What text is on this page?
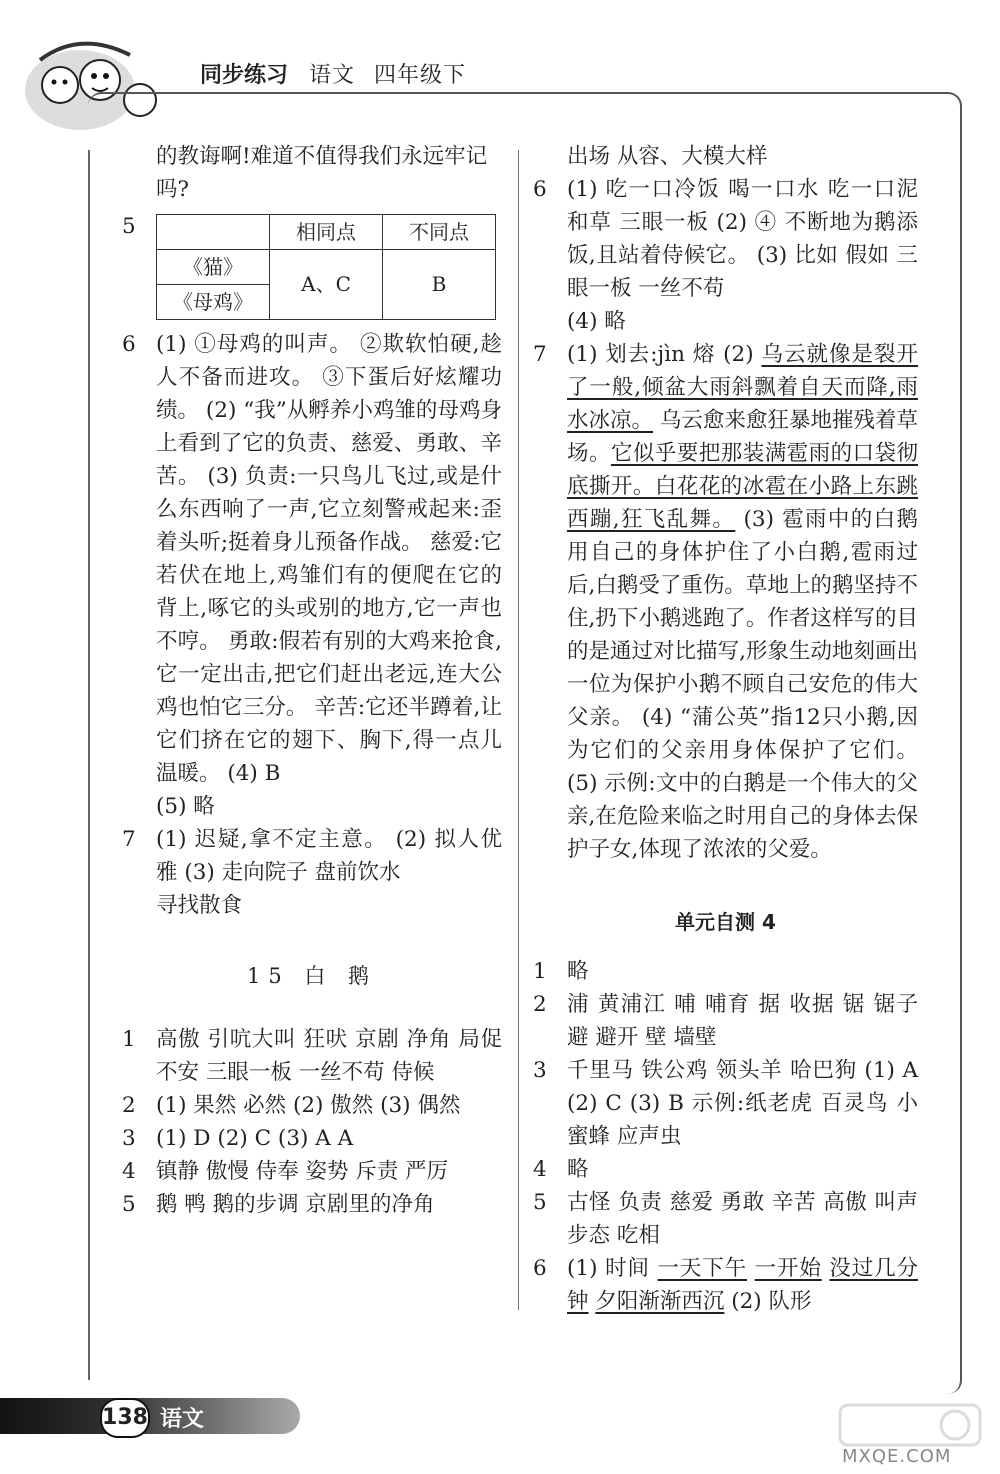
同步练习 语文 四年级下
的教诲啊!难道不值得我们永远牢记
吗?
5
		相同点	不同点
《猫》	A、C	B
《母鸡》		
6 (1) ①母鸡的叫声。 ②欺软怕硬,趁人不备而进攻。 ③下蛋后好炫耀功绩。 (2) “我”从孵养小鸡雏的母鸡身上看到了它的负责、慈爱、勇敢、辛苦。 (3) 负责:一只鸟儿飞过,或是什么东西响了一声,它立刻警戒起来:歪着头听;挺着身儿预备作战。 慈爱:它若伏在地上,鸡雏们有的便爬在它的背上,啄它的头或别的地方,它一声也不哼。 勇敢:假若有别的大鸡来抢食,它一定出击,把它们赶出老远,连大公鸡也怕它三分。 辛苦:它还半蹲着,让它们挤在它的翅下、胸下,得一点儿温暖。 (4) B
(5) 略
7 (1) 迟疑,拿不定主意。 (2) 拟人优雅 (3) 走向院子 盘前饮水
寻找散食
15 白 鹅
1 高傲 引吭大叫 狂吠 京剧 净角 局促不安 三眼一板 一丝不苟 侍候
2 (1) 果然 必然 (2) 傲然 (3) 偶然
3 (1) D (2) C (3) A A
4 镇静 傲慢 侍奉 姿势 斥责 严厉
5 鹅 鸭 鹅的步调 京剧里的净角
出场 从容、大模大样
6 (1) 吃一口冷饭 喝一口水 吃一口泥和草 三眼一板 (2) ④ 不断地为鹅添饭,且站着侍候它。 (3) 比如 假如 三眼一板 一丝不苟
(4) 略
7 (1) 划去:jìn 熔 (2) 乌云就像是裂开了一般,倾盆大雨斜飘着自天而降,雨水冰凉。 乌云愈来愈狂暴地摧残着草场。它似乎要把那装满雹雨的口袋彻底撕开。白花花的冰雹在小路上东跳西蹦,狂飞乱舞。 (3) 雹雨中的白鹅用自己的身体护住了小白鹅,雹雨过后,白鹅受了重伤。草地上的鹅坚持不住,扔下小鹅逃跑了。作者这样写的目的是通过对比描写,形象生动地刻画出一位为保护小鹅不顾自己安危的伟大父亲。 (4) “蒲公英”指12只小鹅,因为它们的父亲用身体保护了它们。 (5) 示例:文中的白鹅是一个伟大的父亲,在危险来临之时用自己的身体去保护子女,体现了浓浓的父爱。
单元自测 4
1 略
2 浦 黄浦江 哺 哺育 据 收据 锯 锯子 避 避开 壁 墙壁
3 千里马 铁公鸡 领头羊 哈巴狗 (1) A (2) C (3) B 示例:纸老虎 百灵鸟 小蜜蜂 应声虫
4 略
5 古怪 负责 慈爱 勇敢 辛苦 高傲 叫声 步态 吃相
6 (1) 时间 一天下午 一开始 没过几分钟 夕阳渐渐西沉 (2) 队形
138 语文
MXQE.COM
